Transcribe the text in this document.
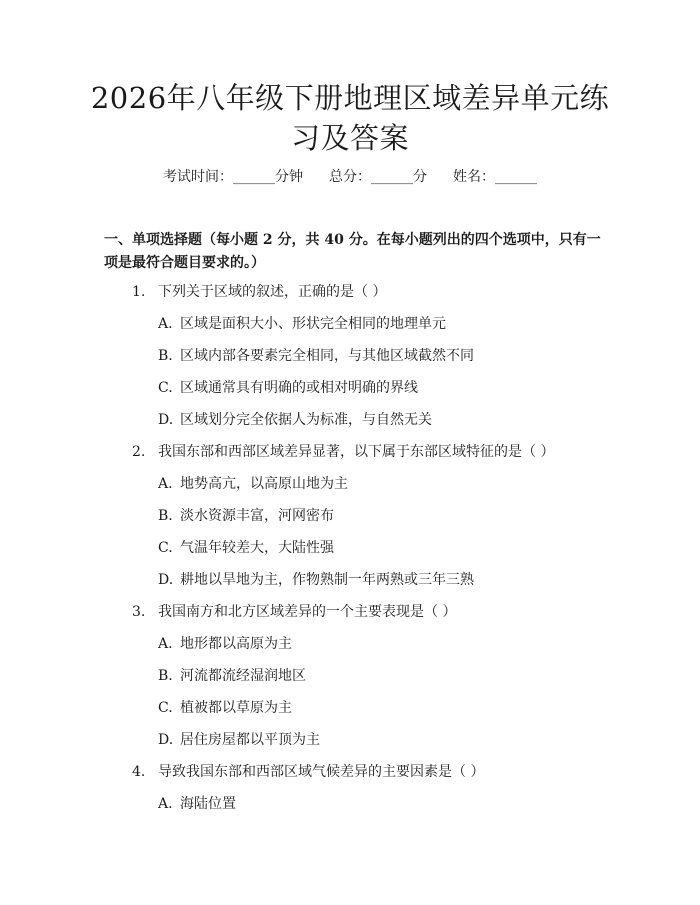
2026年八年级下册地理区域差异单元练习及答案
考试时间：______分钟 总分：______分 姓名：______
一、单项选择题（每小题 2 分，共 40 分。在每小题列出的四个选项中，只有一项是最符合题目要求的。）
1. 下列关于区域的叙述，正确的是（ ）
A. 区域是面积大小、形状完全相同的地理单元
B. 区域内部各要素完全相同，与其他区域截然不同
C. 区域通常具有明确的或相对明确的界线
D. 区域划分完全依据人为标准，与自然无关
2. 我国东部和西部区域差异显著，以下属于东部区域特征的是（ ）
A. 地势高亢，以高原山地为主
B. 淡水资源丰富，河网密布
C. 气温年较差大，大陆性强
D. 耕地以旱地为主，作物熟制一年两熟或三年三熟
3. 我国南方和北方区域差异的一个主要表现是（ ）
A. 地形都以高原为主
B. 河流都流经湿润地区
C. 植被都以草原为主
D. 居住房屋都以平顶为主
4. 导致我国东部和西部区域气候差异的主要因素是（ ）
A. 海陆位置
